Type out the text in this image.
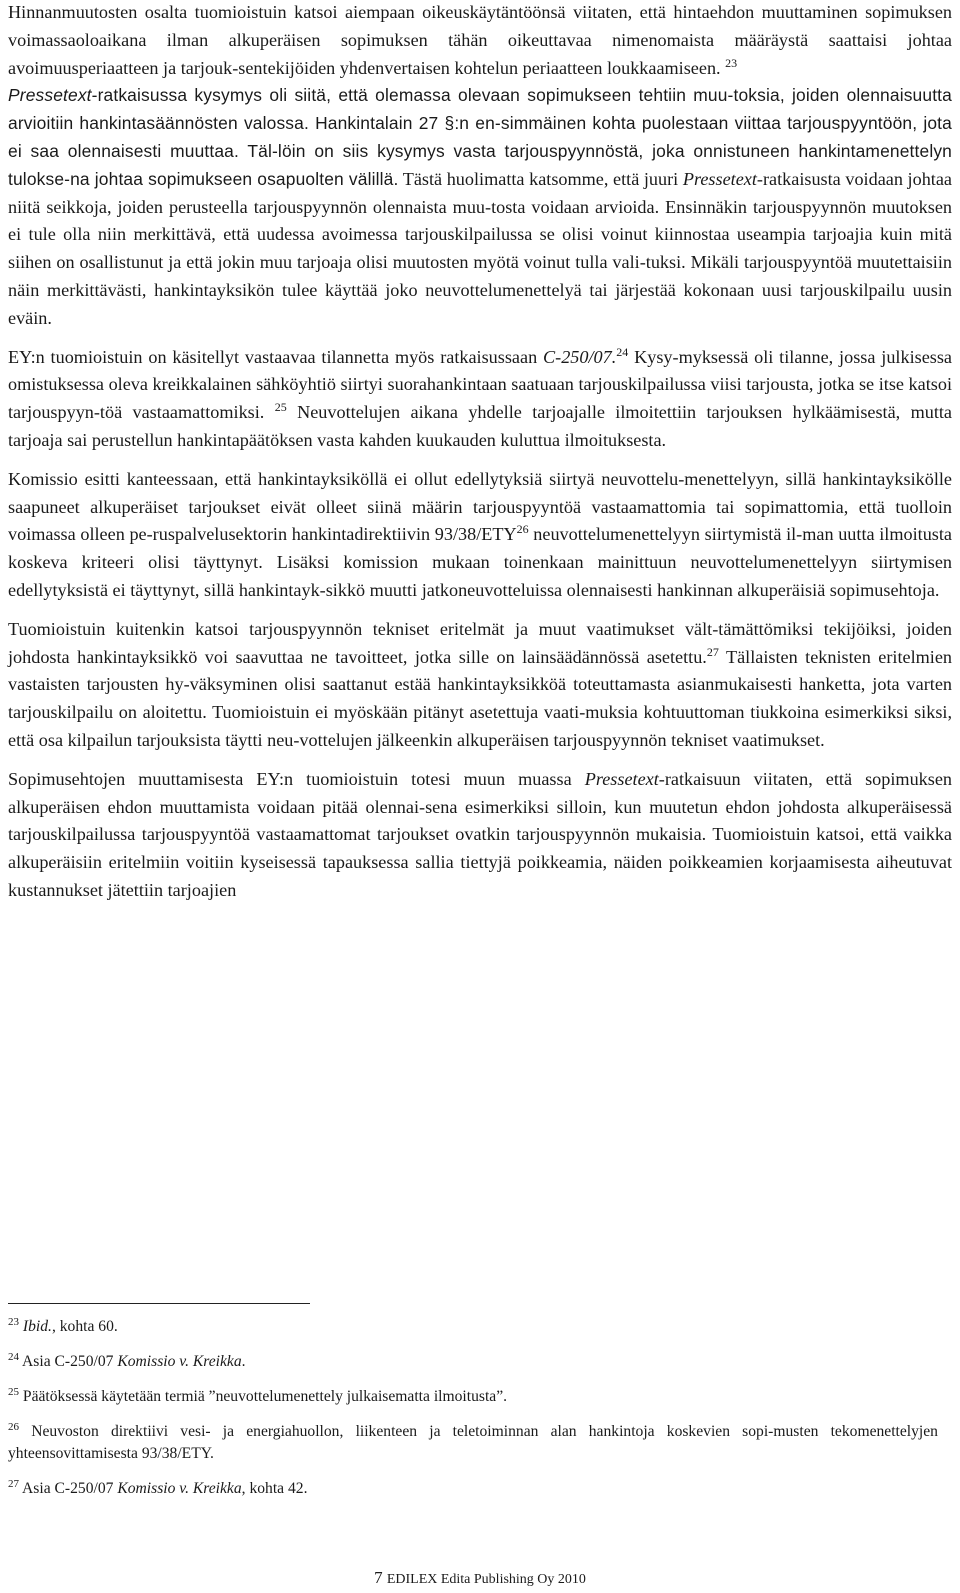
Hinnanmuutosten osalta tuomioistuin katsoi aiempaan oikeuskäytäntöönsä viitaten, että hintaehdon muuttaminen sopimuksen voimassaoloaikana ilman alkuperäisen sopimuksen tähän oikeuttavaa nimenomaista määräystä saattaisi johtaa avoimuusperiaatteen ja tarjouk-sentekijöiden yhdenvertaisen kohtelun periaatteen loukkaamiseen. $^{23}$

Pressetext-ratkaisussa kysymys oli siitä, että olemassa olevaan sopimukseen tehtiin muu-toksia, joiden olennaisuutta arvioitiin hankintasäännösten valossa. Hankintalain 27 §:n en-simmäinen kohta puolestaan viittaa tarjouspyyntöön, jota ei saa olennaisesti muuttaa. Täl-löin on siis kysymys vasta tarjouspyynnöstä, joka onnistuneen hankintamenettelyn tulokse-na johtaa sopimukseen osapuolten välillä. Tästä huolimatta katsomme, että juuri Pressetext-ratkaisusta voidaan johtaa niitä seikkoja, joiden perusteella tarjouspyynnön olennaista muu-tosta voidaan arvioida. Ensinnäkin tarjouspyynnön muutoksen ei tule olla niin merkittävä, että uudessa avoimessa tarjouskilpailussa se olisi voinut kiinnostaa useampia tarjoajia kuin mitä siihen on osallistunut ja että jokin muu tarjoaja olisi muutosten myötä voinut tulla vali-tuksi. Mikäli tarjouspyyntöä muutettaisiin näin merkittävästi, hankintayksikön tulee käyttää joko neuvottelumenettelyä tai järjestää kokonaan uusi tarjouskilpailu uusin eväin.

EY:n tuomioistuin on käsitellyt vastaavaa tilannetta myös ratkaisussaan C-250/07.24 Kysy-myksessä oli tilanne, jossa julkisessa omistuksessa oleva kreikkalainen sähköyhtiö siirtyi suorahankintaan saatuaan tarjouskilpailussa viisi tarjousta, jotka se itse katsoi tarjouspyyn-töä vastaamattomiksi. $^{25}$ Neuvottelujen aikana yhdelle tarjoajalle ilmoitettiin tarjouksen hylkäämisestä, mutta tarjoaja sai perustellun hankintapäätöksen vasta kahden kuukauden kuluttua ilmoituksesta.

Komissio esitti kanteessaan, että hankintayksiköllä ei ollut edellytyksiä siirtyä neuvottelu-menettelyyn, sillä hankintayksikölle saapuneet alkuperäiset tarjoukset eivät olleet siinä määrin tarjouspyyntöä vastaamattomia tai sopimattomia, että tuolloin voimassa olleen pe-ruspalvelusektorin hankintadirektiivin 93/38/ETY$^{26}$ neuvottelumenettelyyn siirtymistä il-man uutta ilmoitusta koskeva kriteeri olisi täyttynyt. Lisäksi komission mukaan toinenkaan mainittuun neuvottelumenettelyyn siirtymisen edellytyksistä ei täyttynyt, sillä hankintayk-sikkö muutti jatkoneuvotteluissa olennaisesti hankinnan alkuperäisiä sopimusehtoja.

Tuomioistuin kuitenkin katsoi tarjouspyynnön tekniset eritelmät ja muut vaatimukset vält-tämättömiksi tekijöiksi, joiden johdosta hankintayksikkö voi saavuttaa ne tavoitteet, jotka sille on lainsäädännössä asetettu.$^{27}$ Tällaisten teknisten eritelmien vastaisten tarjousten hy-väksyminen olisi saattanut estää hankintayksikköä toteuttamasta asianmukaisesti hanketta, jota varten tarjouskilpailu on aloitettu. Tuomioistuin ei myöskään pitänyt asetettuja vaati-muksia kohtuuttoman tiukkoina esimerkiksi siksi, että osa kilpailun tarjouksista täytti neu-vottelujen jälkeenkin alkuperäisen tarjouspyynnön tekniset vaatimukset.

Sopimusehtojen muuttamisesta EY:n tuomioistuin totesi muun muassa Pressetext-ratkaisuun viitaten, että sopimuksen alkuperäisen ehdon muuttamista voidaan pitää olennai-sena esimerkiksi silloin, kun muutetun ehdon johdosta alkuperäisessä tarjouskilpailussa tarjouspyyntöä vastaamattomat tarjoukset ovatkin tarjouspyynnön mukaisia. Tuomioistuin katsoi, että vaikka alkuperäisiin eritelmiin voitiin kyseisessä tapauksessa sallia tiettyjä poikkeamia, näiden poikkeamien korjaamisesta aiheutuvat kustannukset jätettiin tarjoajien

$^{23}$ Ibid., kohta 60.

$^{24}$ Asia C-250/07 Komissio v. Kreikka.

$^{25}$ Päätöksessä käytetään termiä ”neuvottelumenettely julkaisematta ilmoitusta”.

$^{26}$ Neuvoston direktiivi vesi- ja energiahuollon, liikenteen ja teletoiminnan alan hankintoja koskevien sopi-musten tekomenettelyjen yhteensovittamisesta 93/38/ETY.

$^{27}$ Asia C-250/07 Komissio v. Kreikka, kohta 42.

7 EDILEX Edita Publishing Oy 2010
